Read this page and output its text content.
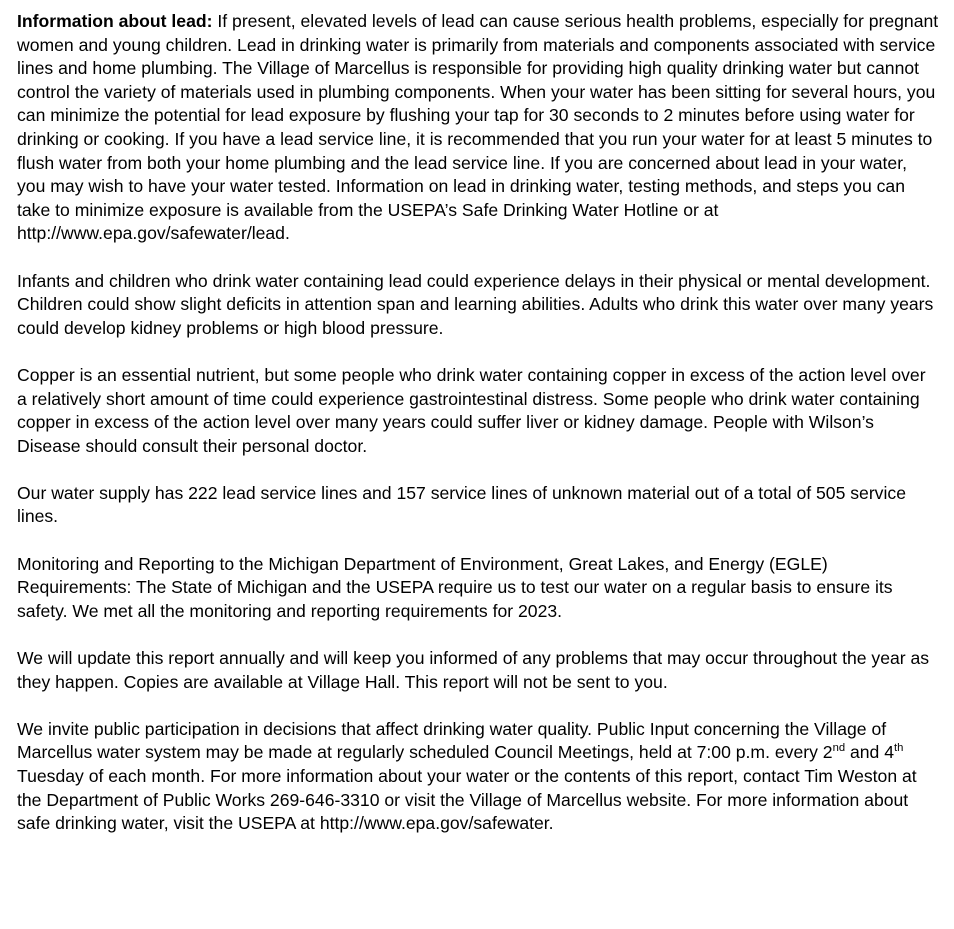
Information about lead: If present, elevated levels of lead can cause serious health problems, especially for pregnant women and young children. Lead in drinking water is primarily from materials and components associated with service lines and home plumbing. The Village of Marcellus is responsible for providing high quality drinking water but cannot control the variety of materials used in plumbing components. When your water has been sitting for several hours, you can minimize the potential for lead exposure by flushing your tap for 30 seconds to 2 minutes before using water for drinking or cooking. If you have a lead service line, it is recommended that you run your water for at least 5 minutes to flush water from both your home plumbing and the lead service line. If you are concerned about lead in your water, you may wish to have your water tested. Information on lead in drinking water, testing methods, and steps you can take to minimize exposure is available from the USEPA’s Safe Drinking Water Hotline or at http://www.epa.gov/safewater/lead.

Infants and children who drink water containing lead could experience delays in their physical or mental development. Children could show slight deficits in attention span and learning abilities. Adults who drink this water over many years could develop kidney problems or high blood pressure.

Copper is an essential nutrient, but some people who drink water containing copper in excess of the action level over a relatively short amount of time could experience gastrointestinal distress. Some people who drink water containing copper in excess of the action level over many years could suffer liver or kidney damage. People with Wilson’s Disease should consult their personal doctor.

Our water supply has 222 lead service lines and 157 service lines of unknown material out of a total of 505 service lines.

Monitoring and Reporting to the Michigan Department of Environment, Great Lakes, and Energy (EGLE) Requirements: The State of Michigan and the USEPA require us to test our water on a regular basis to ensure its safety. We met all the monitoring and reporting requirements for 2023.

We will update this report annually and will keep you informed of any problems that may occur throughout the year as they happen. Copies are available at Village Hall. This report will not be sent to you.

We invite public participation in decisions that affect drinking water quality. Public Input concerning the Village of Marcellus water system may be made at regularly scheduled Council Meetings, held at 7:00 p.m. every 2nd and 4th Tuesday of each month. For more information about your water or the contents of this report, contact Tim Weston at the Department of Public Works 269-646-3310 or visit the Village of Marcellus website. For more information about safe drinking water, visit the USEPA at http://www.epa.gov/safewater.
